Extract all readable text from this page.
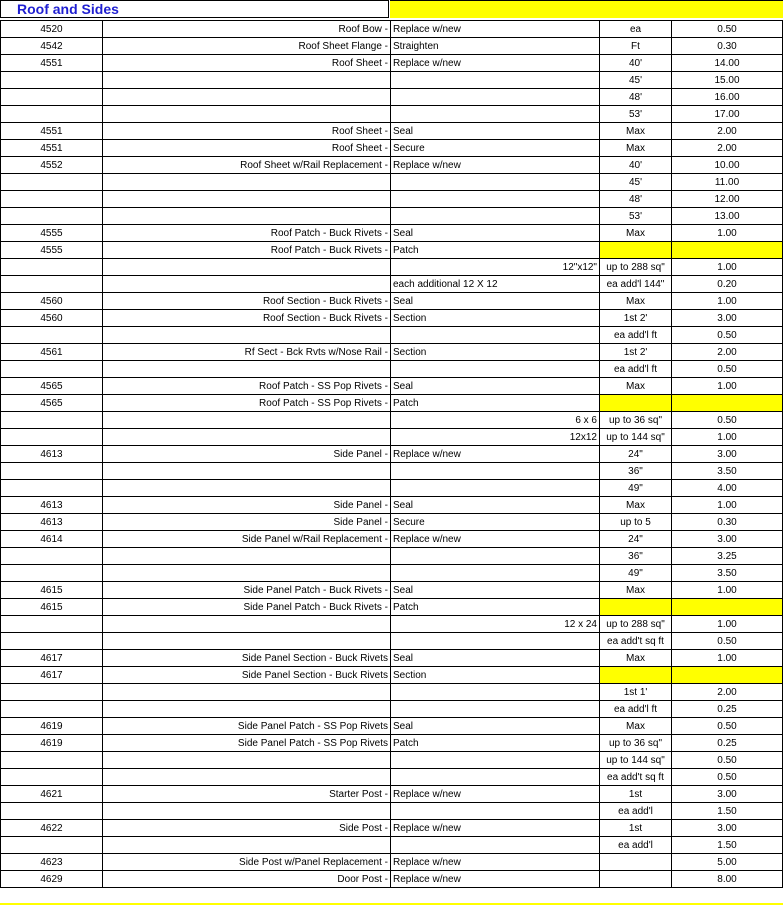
Roof and Sides
4520	Roof Bow -	Replace w/new	ea	0.50
4542	Roof Sheet Flange -	Straighten	Ft	0.30
4551	Roof Sheet -	Replace w/new	40'	14.00
			45'	15.00
			48'	16.00
			53'	17.00
4551	Roof Sheet -	Seal	Max	2.00
4551	Roof Sheet -	Secure	Max	2.00
4552	Roof Sheet w/Rail Replacement -	Replace w/new	40'	10.00
			45'	11.00
			48'	12.00
			53'	13.00
4555	Roof Patch - Buck Rivets -	Seal	Max	1.00
4555	Roof Patch - Buck Rivets -	Patch		
		12"x12"	up to 288 sq"	1.00
		each additional 12 X 12	ea add'l 144"	0.20
4560	Roof Section - Buck Rivets -	Seal	Max	1.00
4560	Roof Section - Buck Rivets -	Section	1st 2'	3.00
			ea add'l ft	0.50
4561	Rf Sect - Bck Rvts w/Nose Rail -	Section	1st 2'	2.00
			ea add'l ft	0.50
4565	Roof Patch - SS Pop Rivets -	Seal	Max	1.00
4565	Roof Patch - SS Pop Rivets -	Patch		
		6 x 6	up to 36 sq"	0.50
		12x12	up to 144 sq"	1.00
4613	Side Panel -	Replace w/new	24"	3.00
			36"	3.50
			49"	4.00
4613	Side Panel -	Seal	Max	1.00
4613	Side Panel -	Secure	up to 5	0.30
4614	Side Panel w/Rail Replacement -	Replace w/new	24"	3.00
			36"	3.25
			49"	3.50
4615	Side Panel Patch - Buck Rivets -	Seal	Max	1.00
4615	Side Panel Patch - Buck Rivets -	Patch		
		12 x 24	up to 288 sq"	1.00
			ea add't sq ft	0.50
4617	Side Panel Section - Buck Rivets	Seal	Max	1.00
4617	Side Panel Section - Buck Rivets	Section		
			1st 1'	2.00
			ea add'l ft	0.25
4619	Side Panel Patch - SS Pop Rivets	Seal	Max	0.50
4619	Side Panel Patch - SS Pop Rivets	Patch	up to 36 sq"	0.25
			up to 144 sq"	0.50
			ea add't sq ft	0.50
4621	Starter Post -	Replace w/new	1st	3.00
			ea add'l	1.50
4622	Side Post -	Replace w/new	1st	3.00
			ea add'l	1.50
4623	Side Post w/Panel Replacement -	Replace w/new		5.00
4629	Door Post -	Replace w/new		8.00
